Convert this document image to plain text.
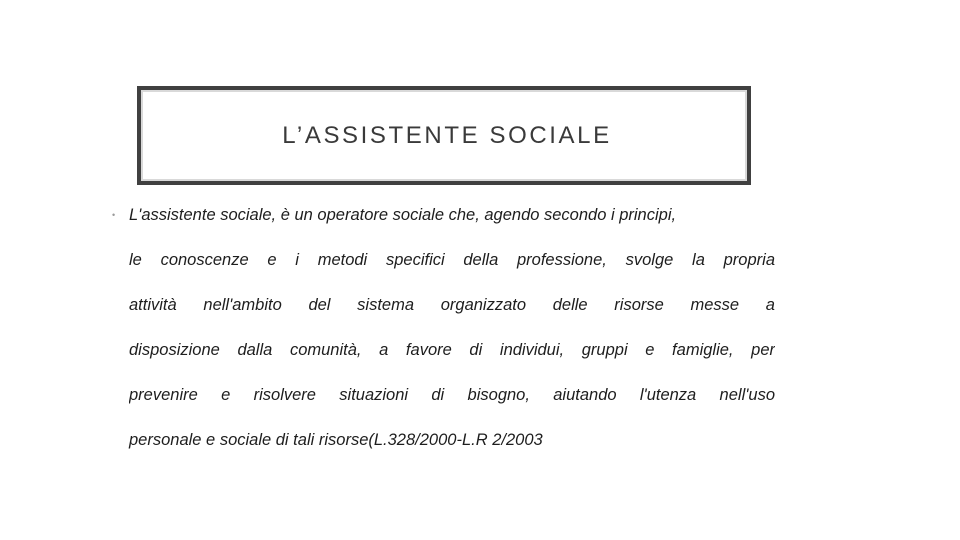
L’ASSISTENTE SOCIALE
• L'assistente sociale, è un operatore sociale che, agendo secondo i principi,
le conoscenze e i metodi specifici della professione, svolge la propria
attività nell'ambito del sistema organizzato delle risorse messe a
disposizione dalla comunità, a favore di individui, gruppi e famiglie, per
prevenire e risolvere situazioni di bisogno, aiutando l'utenza nell'uso
personale e sociale di tali risorse(L.328/2000-L.R 2/2003
